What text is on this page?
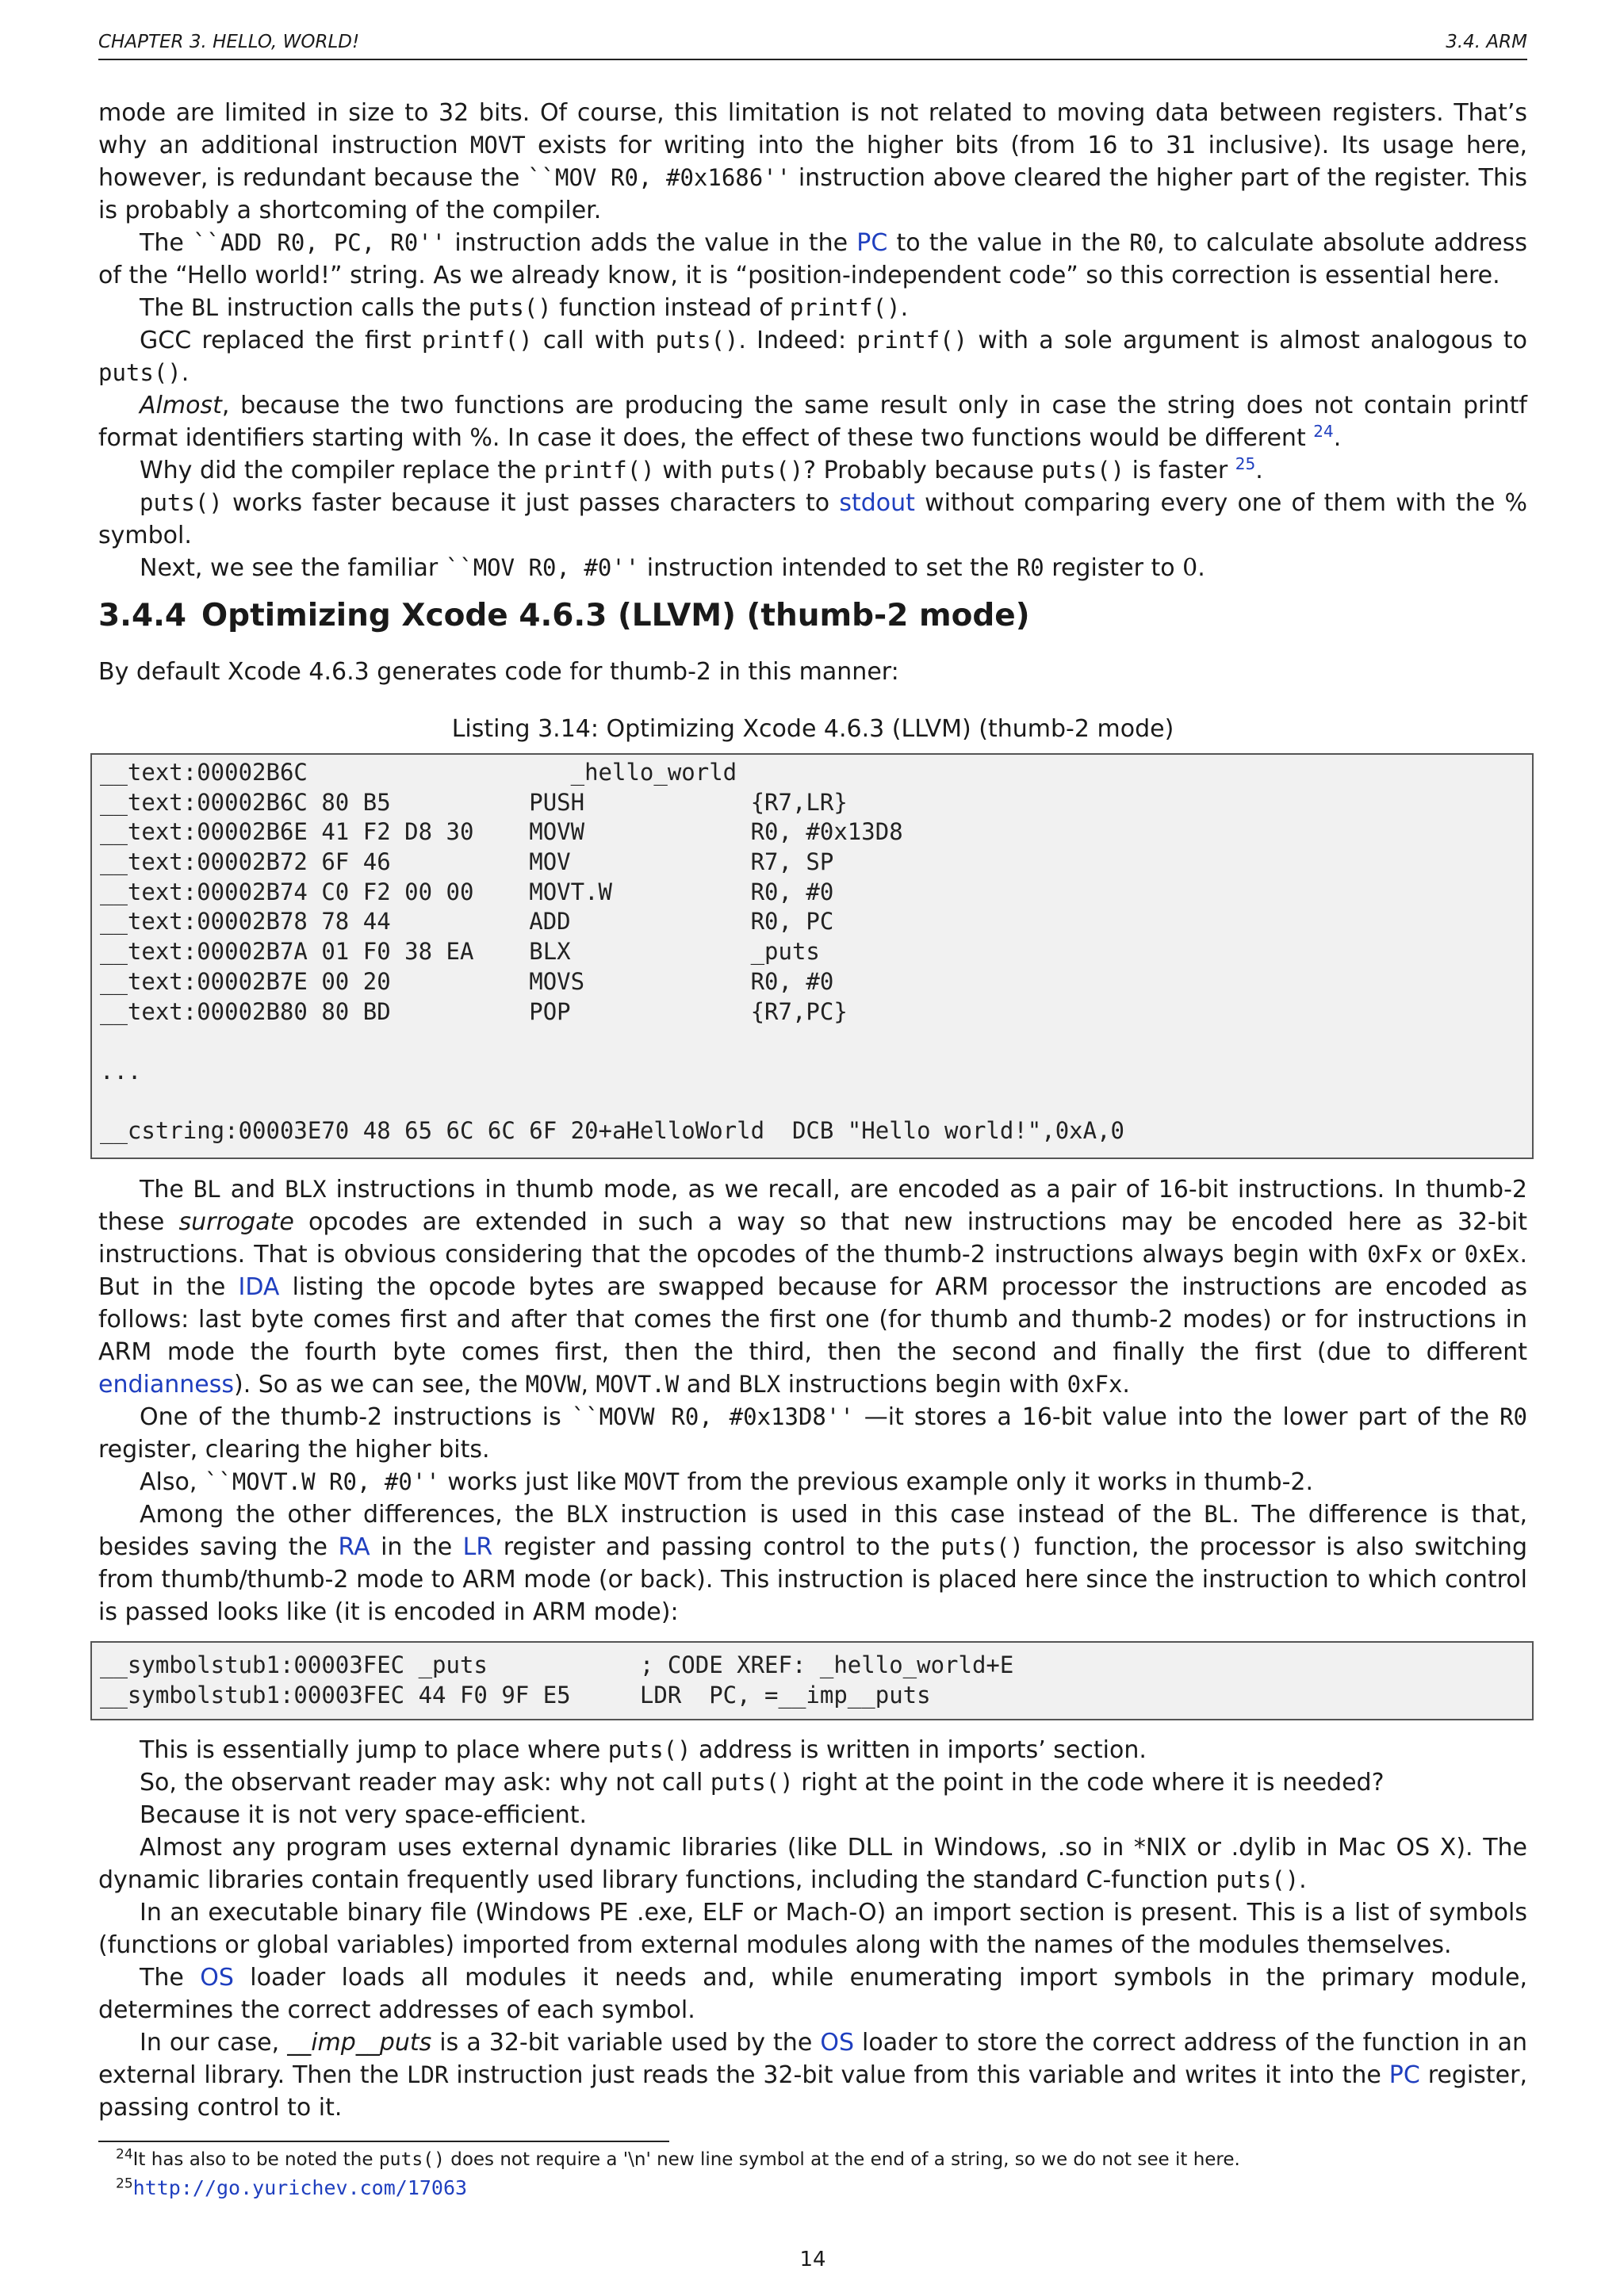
CHAPTER 3. HELLO, WORLD!	3.4. ARM

mode are limited in size to 32 bits. Of course, this limitation is not related to moving data between registers. That’s why an additional instruction MOVT exists for writing into the higher bits (from 16 to 31 inclusive). Its usage here, however, is redundant because the ``MOV R0, #0x1686'' instruction above cleared the higher part of the register. This is probably a shortcoming of the compiler.

The ``ADD R0, PC, R0'' instruction adds the value in the PC to the value in the R0, to calculate absolute address of the “Hello world!” string. As we already know, it is “position-independent code” so this correction is essential here.

The BL instruction calls the puts() function instead of printf().

GCC replaced the first printf() call with puts(). Indeed: printf() with a sole argument is almost analogous to puts().

Almost, because the two functions are producing the same result only in case the string does not contain printf format identifiers starting with %. In case it does, the effect of these two functions would be different $^{24}$.

Why did the compiler replace the printf() with puts()? Probably because puts() is faster $^{25}$.

puts() works faster because it just passes characters to stdout without comparing every one of them with the % symbol.

Next, we see the familiar ``MOV R0, #0'' instruction intended to set the R0 register to 0.

3.4.4 Optimizing Xcode 4.6.3 (LLVM) (thumb-2 mode)
By default Xcode 4.6.3 generates code for thumb-2 in this manner:
Listing 3.14: Optimizing Xcode 4.6.3 (LLVM) (thumb-2 mode)
__text:00002B6C                   _hello_world
__text:00002B6C 80 B5          PUSH            {R7,LR}
__text:00002B6E 41 F2 D8 30    MOVW            R0, #0x13D8
__text:00002B72 6F 46          MOV             R7, SP
__text:00002B74 C0 F2 00 00    MOVT.W          R0, #0
__text:00002B78 78 44          ADD             R0, PC
__text:00002B7A 01 F0 38 EA    BLX             _puts
__text:00002B7E 00 20          MOVS            R0, #0
__text:00002B80 80 BD          POP             {R7,PC}
...
__cstring:00003E70 48 65 6C 6C 6F 20+aHelloWorld  DCB "Hello world!",0xA,0

The BL and BLX instructions in thumb mode, as we recall, are encoded as a pair of 16-bit instructions. In thumb-2 these surrogate opcodes are extended in such a way so that new instructions may be encoded here as 32-bit instructions. That is obvious considering that the opcodes of the thumb-2 instructions always begin with 0xFx or 0xEx. But in the IDA listing the opcode bytes are swapped because for ARM processor the instructions are encoded as follows: last byte comes first and after that comes the first one (for thumb and thumb-2 modes) or for instructions in ARM mode the fourth byte comes first, then the third, then the second and finally the first (due to different endianness). So as we can see, the MOVW, MOVT.W and BLX instructions begin with 0xFx.

One of the thumb-2 instructions is ``MOVW R0, #0x13D8'' —it stores a 16-bit value into the lower part of the R0 register, clearing the higher bits.

Also, ``MOVT.W R0, #0'' works just like MOVT from the previous example only it works in thumb-2.

Among the other differences, the BLX instruction is used in this case instead of the BL. The difference is that, besides saving the RA in the LR register and passing control to the puts() function, the processor is also switching from thumb/thumb-2 mode to ARM mode (or back). This instruction is placed here since the instruction to which control is passed looks like (it is encoded in ARM mode):

__symbolstub1:00003FEC _puts           ; CODE XREF: _hello_world+E
__symbolstub1:00003FEC 44 F0 9F E5     LDR  PC, =__imp__puts

This is essentially jump to place where puts() address is written in imports’ section.

So, the observant reader may ask: why not call puts() right at the point in the code where it is needed?

Because it is not very space-efficient.

Almost any program uses external dynamic libraries (like DLL in Windows, .so in *NIX or .dylib in Mac OS X). The dynamic libraries contain frequently used library functions, including the standard C-function puts().

In an executable binary file (Windows PE .exe, ELF or Mach-O) an import section is present. This is a list of symbols (functions or global variables) imported from external modules along with the names of the modules themselves.

The OS loader loads all modules it needs and, while enumerating import symbols in the primary module, determines the correct addresses of each symbol.

In our case, __imp__puts is a 32-bit variable used by the OS loader to store the correct address of the function in an external library. Then the LDR instruction just reads the 32-bit value from this variable and writes it into the PC register, passing control to it.

$^{24}$It has also to be noted the puts() does not require a '\n' new line symbol at the end of a string, so we do not see it here.
$^{25}$http://go.yurichev.com/17063
14
